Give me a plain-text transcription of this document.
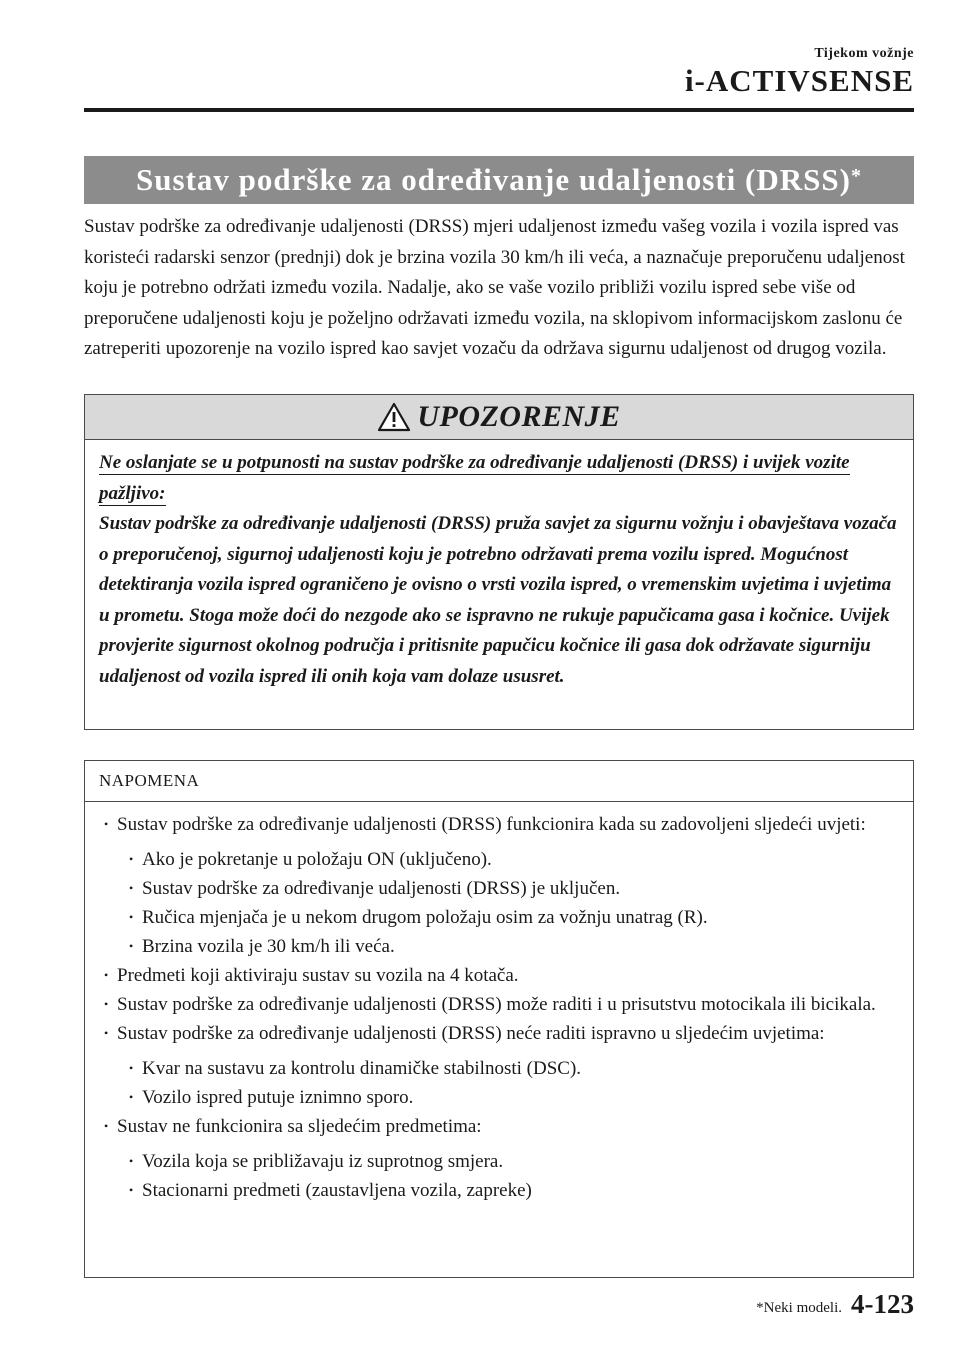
Tijekom vožnje
i-ACTIVSENSE
Sustav podrške za određivanje udaljenosti (DRSS)*

Sustav podrške za određivanje udaljenosti (DRSS) mjeri udaljenost između vašeg vozila i vozila ispred vas koristeći radarski senzor (prednji) dok je brzina vozila 30 km/h ili veća, a naznačuje preporučenu udaljenost koju je potrebno održati između vozila. Nadalje, ako se vaše vozilo približi vozilu ispred sebe više od preporučene udaljenosti koju je poželjno održavati između vozila, na sklopivom informacijskom zaslonu će zatreperiti upozorenje na vozilo ispred kao savjet vozaču da održava sigurnu udaljenost od drugog vozila.

UPOZORENJE
Ne oslanjate se u potpunosti na sustav podrške za određivanje udaljenosti (DRSS) i uvijek vozite pažljivo:
Sustav podrške za određivanje udaljenosti (DRSS) pruža savjet za sigurnu vožnju i obavještava vozača o preporučenoj, sigurnoj udaljenosti koju je potrebno održavati prema vozilu ispred. Mogućnost detektiranja vozila ispred ograničeno je ovisno o vrsti vozila ispred, o vremenskim uvjetima i uvjetima u prometu. Stoga može doći do nezgode ako se ispravno ne rukuje papučicama gasa i kočnice. Uvijek provjerite sigurnost okolnog područja i pritisnite papučicu kočnice ili gasa dok održavate sigurniju udaljenost od vozila ispred ili onih koja vam dolaze ususret.
NAPOMENA
• Sustav podrške za određivanje udaljenosti (DRSS) funkcionira kada su zadovoljeni sljedeći uvjeti:
• Ako je pokretanje u položaju ON (uključeno).
• Sustav podrške za određivanje udaljenosti (DRSS) je uključen.
• Ručica mjenjača je u nekom drugom položaju osim za vožnju unatrag (R).
• Brzina vozila je 30 km/h ili veća.
• Predmeti koji aktiviraju sustav su vozila na 4 kotača.
• Sustav podrške za određivanje udaljenosti (DRSS) može raditi i u prisutstvu motocikala ili bicikala.
• Sustav podrške za određivanje udaljenosti (DRSS) neće raditi ispravno u sljedećim uvjetima:
• Kvar na sustavu za kontrolu dinamičke stabilnosti (DSC).
• Vozilo ispred putuje iznimno sporo.
• Sustav ne funkcionira sa sljedećim predmetima:
• Vozila koja se približavaju iz suprotnog smjera.
• Stacionarni predmeti (zaustavljena vozila, zapreke)
*Neki modeli. 4-123
